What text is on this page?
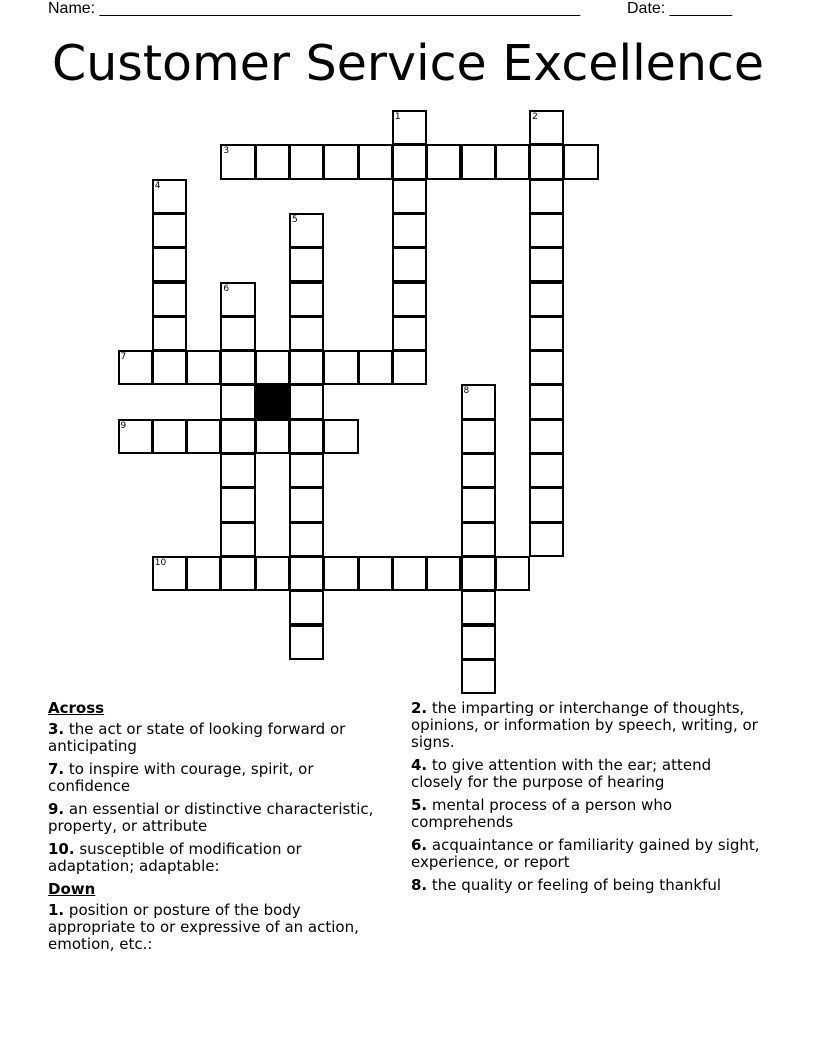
Name: ______________________________________________________	Date: _______
Customer Service Excellence
3
7
9
10
1	2
4
5
6
8
Across
3. the act or state of looking forward or anticipating
7. to inspire with courage, spirit, or confidence
9. an essential or distinctive characteristic, property, or attribute
10. susceptible of modification or adaptation; adaptable:
Down
1. position or posture of the body appropriate to or expressive of an action, emotion, etc.:
2. the imparting or interchange of thoughts, opinions, or information by speech, writing, or signs.
4. to give attention with the ear; attend closely for the purpose of hearing
5. mental process of a person who comprehends
6. acquaintance or familiarity gained by sight, experience, or report
8. the quality or feeling of being thankful
